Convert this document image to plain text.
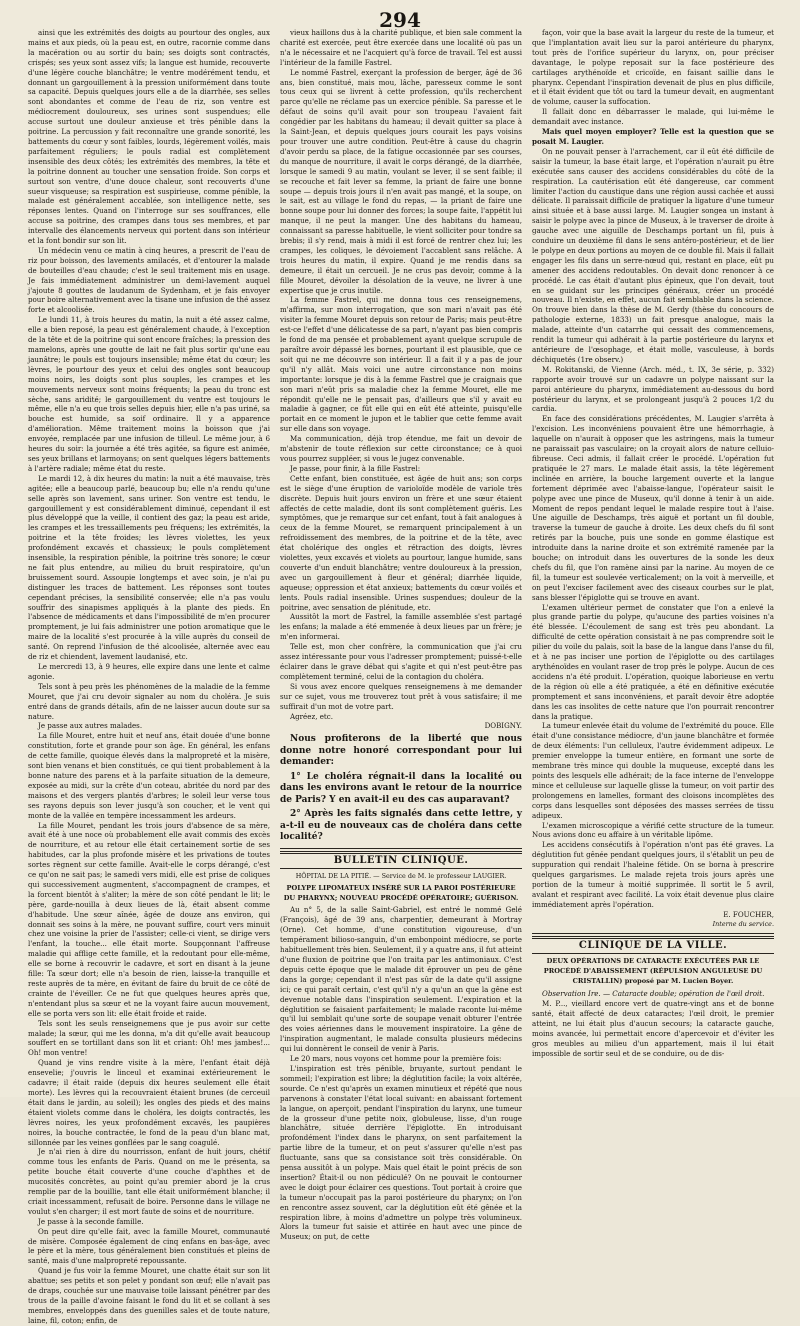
294

ainsi que les extrémités des doigts au pourtour des ongles, aux mains et aux pieds, où la peau est, en outre, racornie comme dans la macération ou au sortir du bain; ses doigts sont contractés, crispés; ses yeux sont assez vifs; la langue est humide, recouverte d'une légère couche blanchâtre; le ventre modérément tendu, et donnant un gargouillement à la pression uniformément dans toute sa capacité. Depuis quelques jours elle a de la diarrhée, ses selles sont abondantes et comme de l'eau de riz, son ventre est médiocrement douloureux, ses urines sont suspendues; elle accuse surtout une douleur anxieuse et très pénible dans la poitrine. La percussion y fait reconnaître une grande sonorité, les battements du cœur y sont faibles, lourds, légèrement voilés, mais parfaitement réguliers; le pouls radial est complètement insensible des deux côtés; les extrémités des membres, la tête et la poitrine donnent au toucher une sensation froide. Son corps et surtout son ventre, d'une douce chaleur, sont recouverts d'une sueur visqueuse; sa respiration est suspirieuse, comme pénible, la malade est généralement accablée, son intelligence nette, ses réponses lentes. Quand on l'interroge sur ses souffrances, elle accuse sa poitrine, des crampes dans tous ses membres, et par intervalle des élancements nerveux qui portent dans son intérieur et la font bondir sur son lit.

Un médecin venu ce matin à cinq heures, a prescrit de l'eau de riz pour boisson, des lavements amilacés, et d'entourer la malade de bouteilles d'eau chaude; c'est le seul traitement mis en usage. Je fais immédiatement administrer un demi-lavement auquel j'ajoute 8 gouttes de laudanum de Sydenham, et je fais envoyer pour boire alternativement avec la tisane une infusion de thé assez forte et alcoolisée.

Le lundi 11, à trois heures du matin, la nuit a été assez calme, elle a bien reposé, la peau est généralement chaude, à l'exception de la tête et de la poitrine qui sont encore fraîches; la pression des mamelons, après une goutte de lait ne fait plus sortir qu'une eau jaunâtre; le pouls est toujours insensible; même état du cœur; les lèvres, le pourtour des yeux et celui des ongles sont beaucoup moins noirs, les doigts sont plus souples, les crampes et les mouvements nerveux sont moins fréquents; la peau du tronc est sèche, sans aridité; le gargouillement du ventre est toujours le même, elle n'a eu que trois selles depuis hier, elle n'a pas uriné, sa bouche est humide, sa soif ordinaire. Il y a apparence d'amélioration. Même traitement moins la boisson que j'ai envoyée, remplacée par une infusion de tilleul. Le même jour, à 6 heures du soir: la journée a été très agitée, sa figure est animée, ses yeux brillans et larmoyans; on sent quelques légers battements à l'artère radiale; même état du reste.

Le mardi 12, à dix heures du matin: la nuit a été mauvaise, très agitée; elle a beaucoup parlé, beaucoup bu; elle n'a rendu qu'une selle après son lavement, sans uriner. Son ventre est tendu, le gargouillement y est considérablement diminué, cependant il est plus développé que la veille, il contient des gaz; la peau est aride, les crampes et les tressaillements peu fréquens; les extrémités, la poitrine et la tête froides; les lèvres violettes, les yeux profondément excavés et chassieux; le pouls complètement insensible, la respiration pénible, la poitrine très sonore; le cœur ne fait plus entendre, au milieu du bruit respiratoire, qu'un bruissement sourd. Assoupie longtemps et avec soin, je n'ai pu distinguer les traces de battement. Les réponses sont toutes cependant précises, la sensibilité conservée; elle n'a pas voulu souffrir des sinapismes appliqués à la plante des pieds. En l'absence de médicaments et dans l'impossibilité de m'en procurer promptement, je lui fais administrer une potion aromatique que le maire de la localité s'est procurée à la ville auprès du conseil de santé. On reprend l'infusion de thé alcoolisée, alternée avec eau de riz et chiendent, lavement laudanisé, etc.

Le mercredi 13, à 9 heures, elle expire dans une lente et calme agonie.

Tels sont à peu près les phénomènes de la maladie de la femme Mouret, que j'ai cru devoir signaler au nom du choléra. Je suis entré dans de grands détails, afin de ne laisser aucun doute sur sa nature.

Je passe aux autres malades.

La fille Mouret, entre huit et neuf ans, était douée d'une bonne constitution, forte et grande pour son âge. En général, les enfans de cette famille, quoique élevés dans la malpropreté et la misère, sont bien venans et bien constitués, ce qui tient probablement à la bonne nature des parens et à la parfaite situation de la demeure, exposée au midi, sur la crête d'un coteau, abritée du nord par des maisons et des vergers plantés d'arbres; le soleil leur verse tous ses rayons depuis son lever jusqu'à son coucher, et le vent qui monte de la vallée en tempère incessamment les ardeurs.

La fille Mouret, pendant les trois jours d'absence de sa mère, avait été à une noce où probablement elle avait commis des excès de nourriture, et au retour elle était certainement sortie de ses habitudes, car la plus profonde misère et les privations de toutes sortes règnent sur cette famille. Avait-elle le corps dérangé, c'est ce qu'on ne sait pas; le samedi vers midi, elle est prise de coliques qui successivement augmentent, s'accompagnent de crampes, et la forcent bientôt à s'aliter; la mère de son côté pendant le lit; le père, garde-nouilla à deux lieues de là, était absent comme d'habitude. Une sœur aînée, âgée de douze ans environ, qui donnait ses soins à la mère, ne pouvant suffire, court vers minuit chez une voisine la prier de l'assister; celle-ci vient, se dirige vers l'enfant, la touche... elle était morte. Soupçonnant l'affreuse maladie qui afflige cette famille, et la redoutant pour elle-même, elle se borne à recouvrir le cadavre, et sort en disant à la jeune fille: Ta sœur dort; elle n'a besoin de rien, laisse-la tranquille et reste auprès de ta mère, en évitant de faire du bruit de ce côté de crainte de l'éveiller. Ce ne fut que quelques heures après que, n'entendant plus sa sœur et ne la voyant faire aucun mouvement, elle se porta vers son lit: elle était froide et raide.

Tels sont les seuls renseignemens que je pus avoir sur cette malade; la sœur, qui me les donna, m'a dit qu'elle avait beaucoup souffert en se tortillant dans son lit et criant: Oh! mes jambes!... Oh! mon ventre!

Quand je vins rendre visite à la mère, l'enfant était déjà ensevelie; j'ouvris le linceul et examinai extérieurement le cadavre; il était raide (depuis dix heures seulement elle était morte). Les lèvres qui la recouvraient étaient brunes (de cerceuil était dans le jardin, au soleil); les ongles des pieds et des mains étaient violets comme dans le choléra, les doigts contractés, les lèvres noires, les yeux profondément excavés, les paupières noires, la bouche contractée, le fond de la peau d'un blanc mat, sillonnée par les veines gonflées par le sang coagulé.

Je n'ai rien à dire du nourrisson, enfant de huit jours, chétif comme tous les enfants de Paris. Quand on me le présenta, sa petite bouche était couverte d'une couche d'aphthes et de mucosités concrètes, au point qu'au premier abord je la crus remplie par de la bouillie, tant elle était uniformément blanche; il criait incessamment, refusait de boire. Personne dans le village ne voulut s'en charger; il est mort faute de soins et de nourriture.

Je passe à la seconde famille.

On peut dire qu'elle fait, avec la famille Mouret, communauté de misère. Composée également de cinq enfans en bas-âge, avec le père et la mère, tous généralement bien constitués et pleins de santé, mais d'une malpropreté repoussante.

Quand je fus voir la femme Mouret, une chatte était sur son lit abattue; ses petits et son pelet y pondant son œuf; elle n'avait pas de draps, couchée sur une mauvaise toile laissant pénétrer par des trous de la paille d'avoine faisant le fond du lit et se collant à ses membres, enveloppés dans des guenilles sales et de toute nature, laine, fil, coton; enfin, de

vieux haillons dus à la charité publique, et bien sale comment la charité est exercée, peut être exercée dans une localité où pas un n'a le nécessaire et ne l'acquiert qu'à force de travail. Tel est aussi l'intérieur de la famille Fastrel.

Le nommé Fastrel, exerçant la profession de berger, âgé de 36 ans, bien constitué, mais mou, lâche, paresseux comme le sont tous ceux qui se livrent à cette profession, qu'ils recherchent parce qu'elle ne réclame pas un exercice pénible. Sa paresse et le défaut de soins qu'il avait pour son troupeau l'avaient fait congédier par les habitans du hameau; il devait quitter sa place à la Saint-Jean, et depuis quelques jours courait les pays voisins pour trouver une autre condition. Peut-être à cause du chagrin d'avoir perdu sa place, de la fatigue occasionnée par ses courses, du manque de nourriture, il avait le corps dérangé, de la diarrhée, lorsque le samedi 9 au matin, voulant se lever, il se sent faible; il se recouche et fait lever sa femme, la priant de faire une bonne soupe — depuis trois jours il n'en avait pas mangé, et la soupe, on le sait, est au village le fond du repas, — la priant de faire une bonne soupe pour lui donner des forces; la soupe faite, l'appétit lui manque, il ne peut la manger. Une des habitans du hameau, connaissant sa paresse habituelle, le vient solliciter pour tondre sa brebis; il s'y rend, mais à midi il est forcé de rentrer chez lui; les crampes, les coliques, le dévoiement l'accablent sans relâche. A trois heures du matin, il expire. Quand je me rendis dans sa demeure, il était un cercueil. Je ne crus pas devoir, comme à la fille Mouret, dévoiler la désolation de la veuve, ne livrer à une expertise que je crus inutile.

La femme Fastrel, qui me donna tous ces renseignemens, m'affirma, sur mon interrogation, que son mari n'avait pas été visiter la femme Mouret depuis son retour de Paris; mais peut-être est-ce l'effet d'une délicatesse de sa part, n'ayant pas bien compris le fond de ma pensée et probablement ayant quelque scrupule de paraître avoir dépassé les bornes, pourtant il est plausible, que ce soit qui ne me découvre son intérieur. Il a fait il y a pas de jour qu'il n'y allât. Mais voici une autre circonstance non moins importante: lorsque je dis à la femme Fastrel que je craignais que son mari n'eût pris sa maladie chez la femme Mouret, elle me répondit qu'elle ne le pensait pas, d'ailleurs que s'il y avait eu maladie à gagner, ce fût elle qui en eût été atteinte, puisqu'elle portait en ce moment le jupon et le tablier que cette femme avait sur elle dans son voyage.

Ma communication, déjà trop étendue, me fait un devoir de m'abstenir de toute réflexion sur cette circonstance; ce à quoi vous pourrez suppléer, si vous le jugez convenable.

Je passe, pour finir, à la fille Fastrel:

Cette enfant, bien constituée, est âgée de huit ans; son corps est le siège d'une éruption de varioloïde modèle de variole très discrète. Depuis huit jours environ un frère et une sœur étaient affectés de cette maladie, dont ils sont complètement guéris. Les symptômes, que je remarque sur cet enfant, tout à fait analogues à ceux de la femme Mouret, se remarquent principalement à un refroidissement des membres, de la poitrine et de la tête, avec état cholérique des ongles et rétraction des doigts, lèvres violettes, yeux excavés et violets au pourtour, langue humide, sans couverte d'un enduit blanchâtre; ventre douloureux à la pression, avec un gargouillement à fleur et général; diarrhée liquide, aqueuse; oppression et état anxieux; battements du cœur voilés et lents. Pouls radial insensible. Urines suspendues; douleur de la poitrine, avec sensation de plénitude, etc.

Aussitôt la mort de Fastrel, la famille assemblée s'est partagé les enfans; la malade a été emmenée à deux lieues par un frère; je m'en informerai.

Telle est, mon cher confrère, la communication que j'ai cru assez intéressante pour vous l'adresser promptement; puissé-t-elle éclairer dans le grave débat qui s'agite et qui n'est peut-être pas complètement terminé, celui de la contagion du choléra.

Si vous avez encore quelques renseignemens à me demander sur ce sujet, vous me trouverez tout prêt à vous satisfaire; il me suffirait d'un mot de votre part.

Agréez, etc.

DOBIGNY.

Nous profiterons de la liberté que nous donne notre honoré correspondant pour lui demander:

1° Le choléra régnait-il dans la localité ou dans les environs avant le retour de la nourrice de Paris? Y en avait-il eu des cas auparavant?

2° Après les faits signalés dans cette lettre, y a-t-il eu de nouveaux cas de choléra dans cette localité?

BULLETIN CLINIQUE.
HÔPITAL DE LA PITIÉ. — Service de M. le professeur LAUGIER.
POLYPE LIPOMATEUX INSÉRÉ SUR LA PAROI POSTÉRIEURE DU PHARYNX; NOUVEAU PROCÉDÉ OPÉRATOIRE; GUÉRISON.

Au n° 5, de la salle Saint-Gabriel, est entré le nommé Gelé (François), âgé de 39 ans, charpentier, demeurant à Mortray (Orne). Cet homme, d'une constitution vigoureuse, d'un tempérament bilioso-sanguin, d'un embonpoint médiocre, se porte habituellement très bien. Seulement, il y a quatre ans, il fut atteint d'une fluxion de poitrine que l'on traita par les antimoniaux. C'est depuis cette époque que le malade dit éprouver un peu de gêne dans la gorge; cependant il n'est pas sûr de la date qu'il assigne ici; ce qui paraît certain, c'est qu'il n'y a qu'un an que la gêne est devenue notable dans l'inspiration seulement. L'expiration et la déglutition se faisaient parfaitement; le malade raconte lui-même qu'il lui semblait qu'une sorte de soupape venait obturer l'entrée des voies aériennes dans le mouvement inspiratoire. La gêne de l'inspiration augmentant, le malade consulta plusieurs médecins qui lui donnèrent le conseil de venir à Paris.

Le 20 mars, nous voyons cet homme pour la première fois:

L'inspiration est très pénible, bruyante, surtout pendant le sommeil; l'expiration est libre; la déglutition facile; la voix altérée, sourde. Ce n'est qu'après un examen minutieux et répété que nous parvenons à constater l'état local suivant: en abaissant fortement la langue, on aperçoit, pendant l'inspiration du larynx, une tumeur de la grosseur d'une petite noix, globuleuse, lisse, d'un rouge blanchâtre, située derrière l'épiglotte. En introduisant profondément l'index dans le pharynx, on sent parfaitement la partie libre de la tumeur, et on peut s'assurer qu'elle n'est pas fluctuante, sans que sa consistance soit très considérable. On pensa aussitôt à un polype. Mais quel était le point précis de son insertion? Était-il ou non pédiculé? On ne pouvait le contourner avec le doigt pour éclairer ces questions. Tout portait à croire que la tumeur n'occupait pas la paroi postérieure du pharynx; on l'on en rencontre assez souvent, car la déglutition eût été gênée et la respiration libre, à moins d'admettre un polype très volumineux. Alors la tumeur fut saisie et attirée en haut avec une pince de Museux; on put, de cette

façon, voir que la base avait la largeur du reste de la tumeur, et que l'implantation avait lieu sur la paroi antérieure du pharynx, tout près de l'orifice supérieur du larynx, on, pour préciser davantage, le polype reposait sur la face postérieure des cartilages arythénoïde et cricoïde, en faisant saillie dans le pharynx. Cependant l'inspiration devenait de plus en plus difficile, et il était évident que tôt ou tard la tumeur devait, en augmentant de volume, causer la suffocation.

Il fallait donc en débarrasser le malade, qui lui-même le demandait avec instance.

Mais quel moyen employer? Telle est la question que se posait M. Laugier.

On ne pouvait penser à l'arrachement, car il eût été difficile de saisir la tumeur, la base était large, et l'opération n'aurait pu être exécutée sans causer des accidens considérables du côté de la respiration. La cautérisation eût été dangereuse, car comment limiter l'action du caustique dans une région aussi cachée et aussi délicate. Il paraissait difficile de pratiquer la ligature d'une tumeur ainsi située et à base aussi large. M. Laugier songea un instant à saisir le polype avec la pince de Museux, à le traverser de droite à gauche avec une aiguille de Deschamps portant un fil, puis à conduire un deuxième fil dans le sens antéro-postérieur, et de lier le polype en deux portions au moyen de ce double fil. Mais il fallait engager les fils dans un serre-nœud qui, restant en place, eût pu amener des accidens redoutables. On devait donc renoncer à ce procédé. Le cas était d'autant plus épineux, que l'on devait, tout en se guidant sur les principes généraux, créer un procédé nouveau. Il n'existe, en effet, aucun fait semblable dans la science. On trouve bien dans la thèse de M. Gerdy (thèse du concours de pathologie externe, 1833) un fait presque analogue, mais la malade, atteinte d'un catarrhe qui cessait des commencemens, rendit la tumeur qui adhérait à la partie postérieure du larynx et antérieure de l'œsophage, et était molle, vasculeuse, à bords déchiquetés (1re observ.)

M. Rokitanski, de Vienne (Arch. méd., t. IX, 3e série, p. 332) rapporte avoir trouvé sur un cadavre un polype naissant sur la paroi antérieure du pharynx, immédiatement au-dessous du bord postérieur du larynx, et se prolongeant jusqu'à 2 pouces 1/2 du cardia.

En face des considérations précédentes, M. Laugier s'arrêta à l'excision. Les inconvéniens pouvaient être une hémorrhagie, à laquelle on n'aurait à opposer que les astringens, mais la tumeur ne paraissait pas vasculaire; on la croyait alors de nature celluio-fibreuse. Ceci admis, il fallait créer le procédé. L'opération fut pratiquée le 27 mars. Le malade était assis, la tête légèrement inclinée en arrière, la bouche largement ouverte et la langue fortement déprimée avec l'abaisse-langue, l'opérateur saisit le polype avec une pince de Museux, qu'il donne à tenir à un aide. Moment de repos pendant lequel le malade respire tout à l'aise. Une aiguille de Deschamps, très aiguë et portant un fil double, traverse la tumeur de gauche à droite. Les deux chefs du fil sont retirés par la bouche, puis une sonde en gomme élastique est introduite dans la narine droite et son extrémité ramenée par la bouche; on introduit dans les ouvertures de la sonde les deux chefs du fil, que l'on ramène ainsi par la narine. Au moyen de ce fil, la tumeur est soulevée verticalement; on la voit à merveille, et on peut l'exciser facilement avec des ciseaux courbes sur le plat, sans blesser l'épiglotte qui se trouve en avant.

L'examen ultérieur permet de constater que l'on a enlevé la plus grande partie du polype, qu'aucune des parties voisines n'a été blessée. L'écoulement de sang est très peu abondant. La difficulté de cette opération consistait à ne pas comprendre soit le pilier du voile du palais, soit la base de la langue dans l'anse du fil, et à ne pas inciser une portion de l'épiglotte ou des cartilages arythénoïdes en voulant raser de trop près le polype. Aucun de ces accidens n'a été produit. L'opération, quoique laborieuse en vertu de la région où elle a été pratiquée, a été en définitive exécutée promptement et sans inconvéniens, et paraît devoir être adoptée dans les cas insolites de cette nature que l'on pourrait rencontrer dans la pratique.

La tumeur enlevée était du volume de l'extrémité du pouce. Elle était d'une consistance médiocre, d'un jaune blanchâtre et formée de deux éléments: l'un celluleux, l'autre évidemment adipeux. Le premier enveloppe la tumeur entière, en formant une sorte de membrane très mince qui double la muqueuse, excepté dans les points des lesquels elle adhérait; de la face interne de l'enveloppe mince et celluleuse sur laquelle glisse la tumeur, on voit partir des prolongemens en lamelles, formant des cloisons incomplètes des corps dans lesquelles sont déposées des masses serrées de tissu adipeux.

L'examen microscopique a vérifié cette structure de la tumeur. Nous avions donc eu affaire à un véritable lipôme.

Les accidens consécutifs à l'opération n'ont pas été graves. La déglutition fut gênée pendant quelques jours, il s'établit un peu de suppuration qui rendait l'haleine fétide. On se borna à prescrire quelques gargarismes. Le malade rejeta trois jours après une portion de la tumeur à moitié supprimée. Il sortit le 5 avril, avalant et respirant avec facilité. La voix était devenue plus claire immédiatement après l'opération.

E. FOUCHER,
Interne du service.
CLINIQUE DE LA VILLE.
DEUX OPÉRATIONS DE CATARACTE EXÉCUTÉES PAR LE PROCÉDÉ D'ABAISSEMENT (RÉPULSION ANGULEUSE DU CRISTALLIN) proposé par M. Lucien Boyer.

Observation Ire. — Cataracte double; opération de l'œil droit.

M. P..., vieillard encore vert de quatre-vingt ans et de bonne santé, était affecté de deux cataractes; l'œil droit, le premier atteint, ne lui était plus d'aucun secours; la cataracte gauche, moins avancée, lui permettait encore d'apercevoir et d'éviter les gros meubles au milieu d'un appartement, mais il lui était impossible de sortir seul et de se conduire, ou de dis-
